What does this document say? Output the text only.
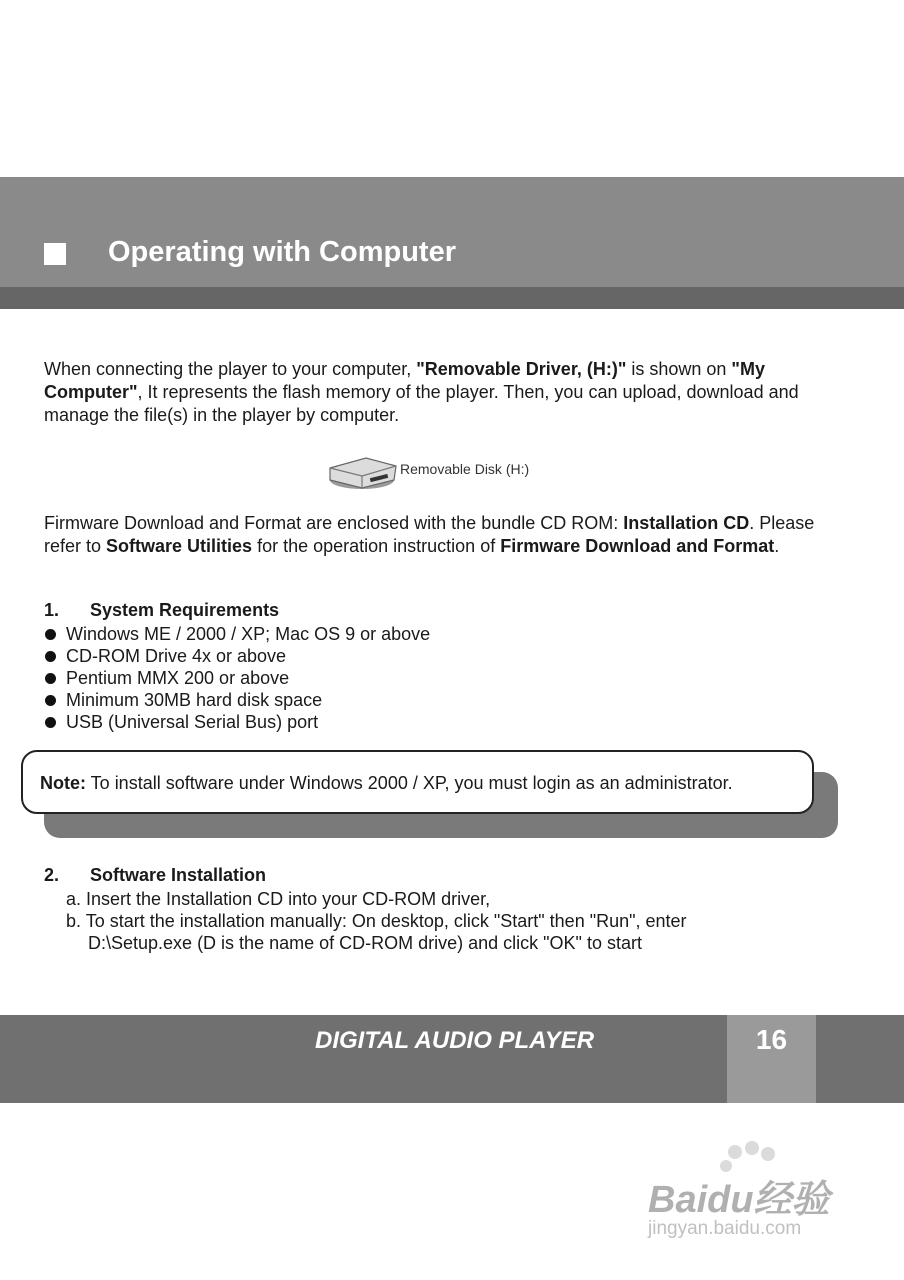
Operating with Computer
When connecting the player to your computer, "Removable Driver, (H:)" is shown on "My Computer", It represents the flash memory of the player. Then, you can upload, download and manage the file(s) in the player by computer.
Removable Disk (H:)
Firmware Download and Format are enclosed with the bundle CD ROM: Installation CD. Please refer to Software Utilities for the operation instruction of Firmware Download and Format.
1. System Requirements
Windows ME / 2000 / XP; Mac OS 9 or above
CD-ROM Drive 4x or above
Pentium MMX 200 or above
Minimum 30MB hard disk space
USB (Universal Serial Bus) port
Note: To install software under Windows 2000 / XP, you must login as an administrator.
2. Software Installation
a. Insert the Installation CD into your CD-ROM driver,
b. To start the installation manually: On desktop, click "Start" then "Run", enter
D:\Setup.exe (D is the name of CD-ROM drive) and click "OK" to start
DIGITAL AUDIO PLAYER	16
Baidu经验
jingyan.baidu.com
